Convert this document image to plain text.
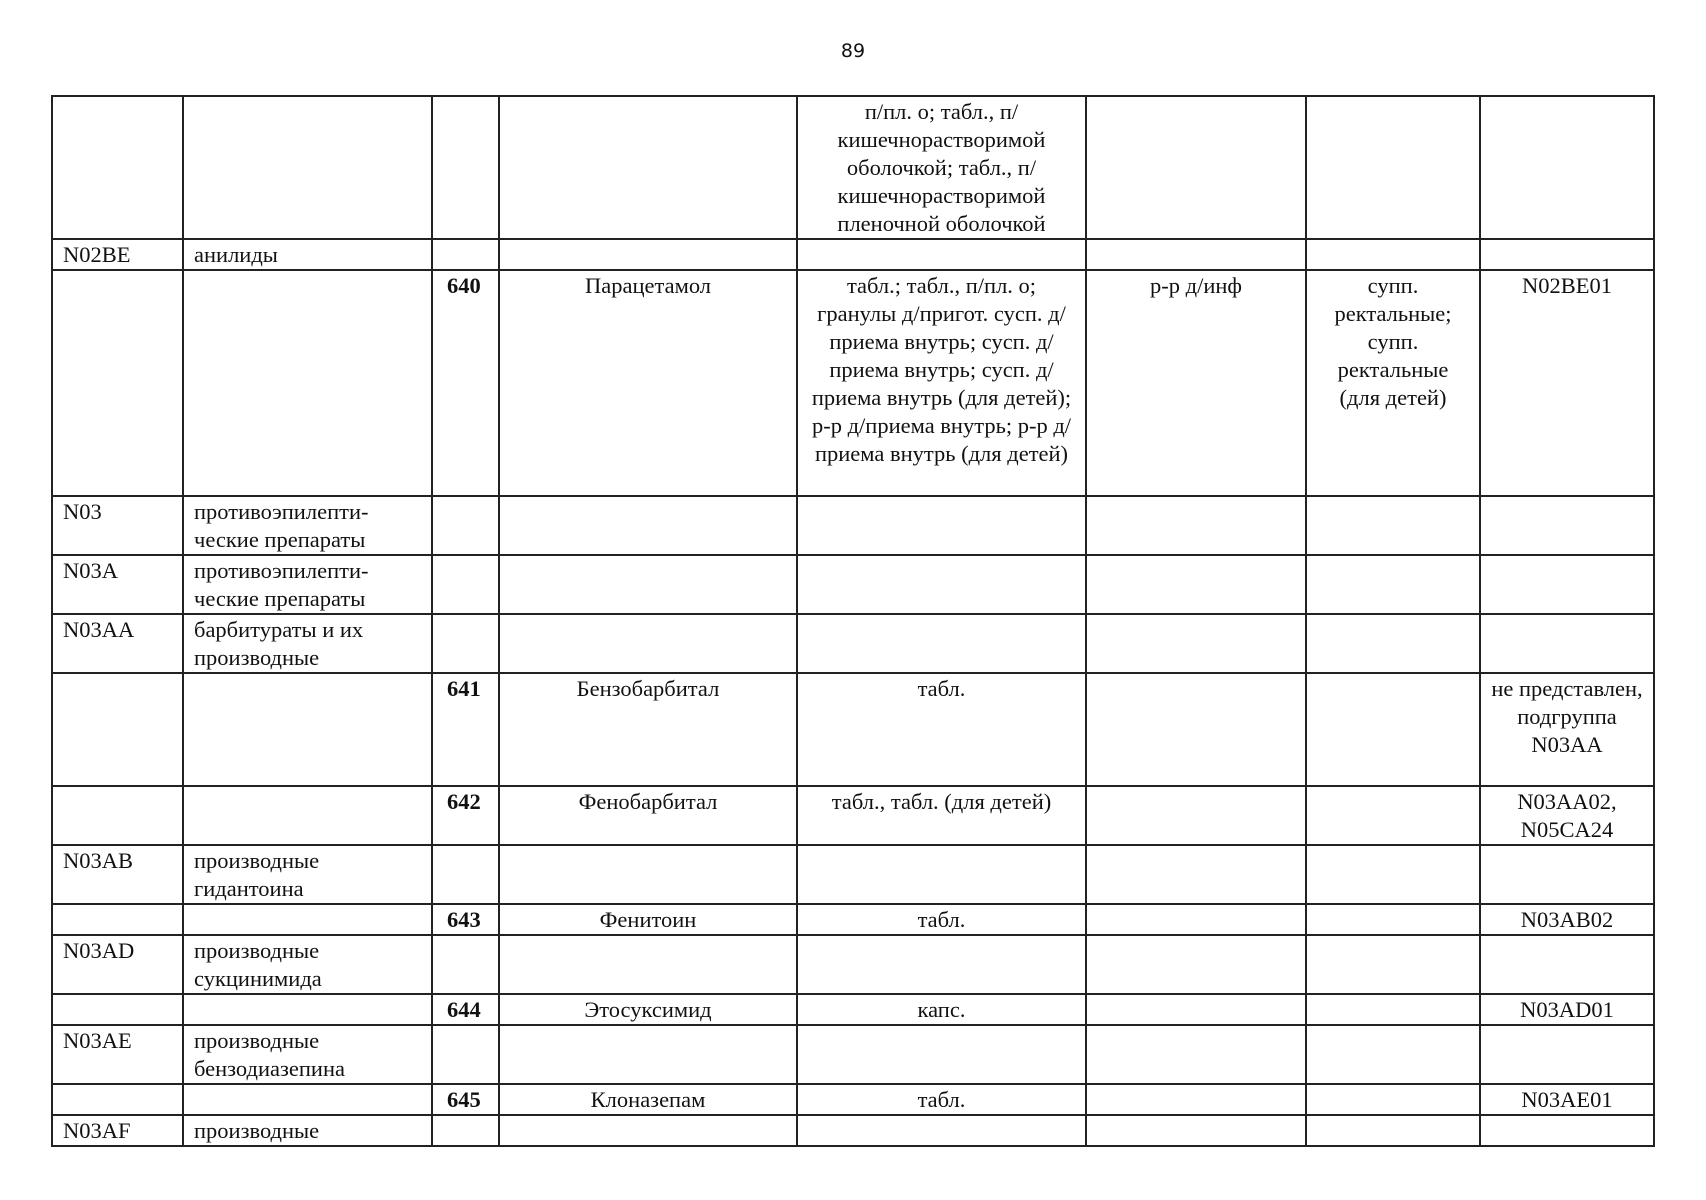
89
				п/пл. о; табл., п/кишечнорастворимой оболочкой; табл., п/кишечнорастворимой пленочной оболочкой			
N02BE	анилиды						
		640	Парацетамол	табл.; табл., п/пл. о; гранулы д/пригот. сусп. д/приема внутрь; сусп. д/приема внутрь; сусп. д/приема внутрь (для детей); р-р д/приема внутрь; р-р д/приема внутрь (для детей)	р-р д/инф	супп. ректальные; супп. ректальные (для детей)	N02BE01
N03	противоэпилепти-ческие препараты						
N03A	противоэпилепти-ческие препараты						
N03AA	барбитураты и их производные						
		641	Бензобарбитал	табл.			не представлен, подгруппа N03AA
		642	Фенобарбитал	табл., табл. (для детей)			N03AA02, N05CA24
N03AB	производные гидантоина						
		643	Фенитоин	табл.			N03AB02
N03AD	производные сукцинимида						
		644	Этосуксимид	капс.			N03AD01
N03AE	производные бензодиазепина						
		645	Клоназепам	табл.			N03AE01
N03AF	производные						
